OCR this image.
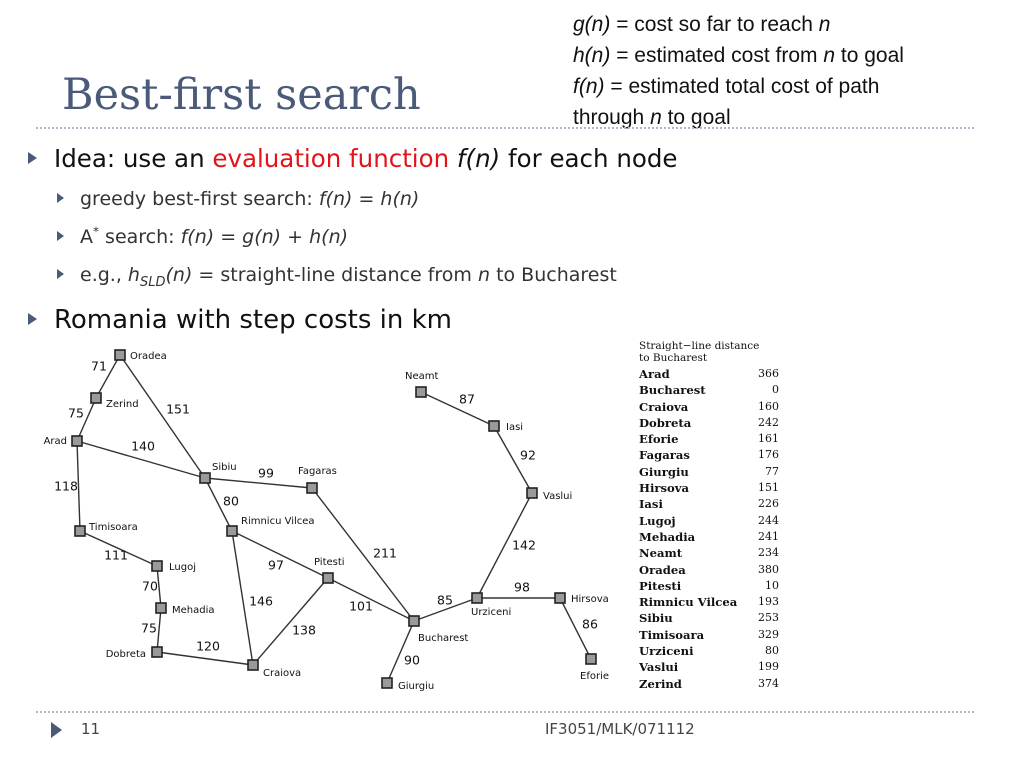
Best-first search
g(n) = cost so far to reach n
h(n) = estimated cost from n to goal
f(n) = estimated total cost of path
through n to goal
Idea: use an evaluation function f(n) for each node
greedy best-first search: f(n) = h(n)
A* search: f(n) = g(n) + h(n)
e.g., $h_{SLD}(n)$ = straight-line distance from n to Bucharest
Romania with step costs in km
71
75	151
140
118
111
70
75
120
99
80
97
146
138
101
211
90
85
98
86
142
92
87
Oradea
Zerind
Arad
Sibiu	Fagaras
Timisoara
Rimnicu Vilcea
Lugoj	Pitesti
Mehadia
Dobreta
Craiova
Bucharest
Giurgiu
Urziceni
Hirsova
Eforie
Vaslui
Iasi
Neamt
Straight−line distance
to Bucharest
Arad	366
Bucharest	0
Craiova	160
Dobreta	242
Eforie	161
Fagaras	176
Giurgiu	77
Hirsova	151
Iasi	226
Lugoj	244
Mehadia	241
Neamt	234
Oradea	380
Pitesti	10
Rimnicu Vilcea 193
Sibiu	253
Timisoara	329
Urziceni	80
Vaslui	199
Zerind	374
11	IF3051/MLK/071112
